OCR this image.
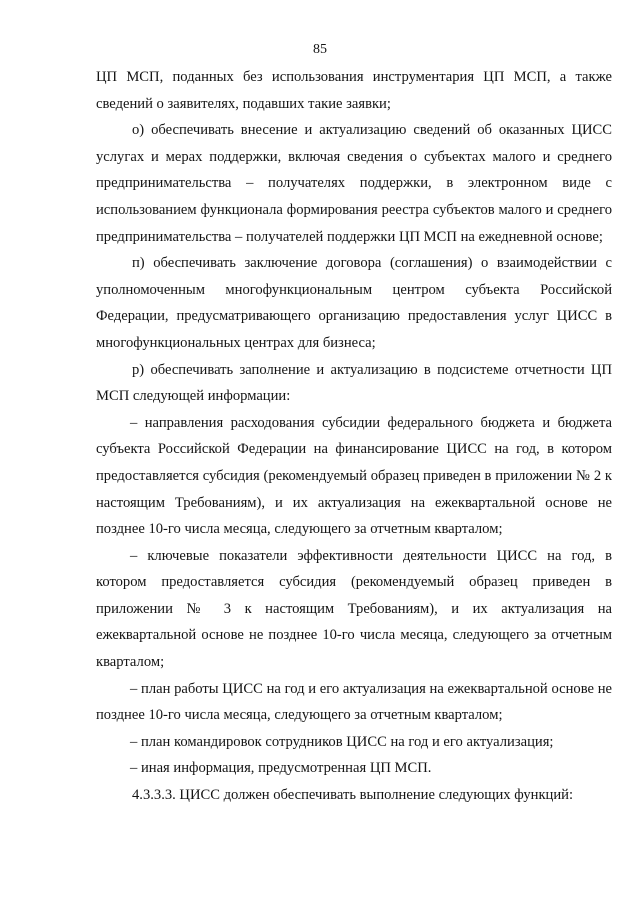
85

ЦП МСП, поданных без использования инструментария ЦП МСП, а также сведений о заявителях, подавших такие заявки;

о) обеспечивать внесение и актуализацию сведений об оказанных ЦИСС услугах и мерах поддержки, включая сведения о субъектах малого и среднего предпринимательства – получателях поддержки, в электронном виде с использованием функционала формирования реестра субъектов малого и среднего предпринимательства – получателей поддержки ЦП МСП на ежедневной основе;

п) обеспечивать заключение договора (соглашения) о взаимодействии с уполномоченным многофункциональным центром субъекта Российской Федерации, предусматривающего организацию предоставления услуг ЦИСС в многофункциональных центрах для бизнеса;

р) обеспечивать заполнение и актуализацию в подсистеме отчетности ЦП МСП следующей информации:

– направления расходования субсидии федерального бюджета и бюджета субъекта Российской Федерации на финансирование ЦИСС на год, в котором предоставляется субсидия (рекомендуемый образец приведен в приложении № 2 к настоящим Требованиям), и их актуализация на ежеквартальной основе не позднее 10-го числа месяца, следующего за отчетным кварталом;

– ключевые показатели эффективности деятельности ЦИСС на год, в котором предоставляется субсидия (рекомендуемый образец приведен в приложении № 3 к настоящим Требованиям), и их актуализация на ежеквартальной основе не позднее 10-го числа месяца, следующего за отчетным кварталом;

– план работы ЦИСС на год и его актуализация на ежеквартальной основе не позднее 10-го числа месяца, следующего за отчетным кварталом;

– план командировок сотрудников ЦИСС на год и его актуализация;

– иная информация, предусмотренная ЦП МСП.

4.3.3.3. ЦИСС должен обеспечивать выполнение следующих функций:
